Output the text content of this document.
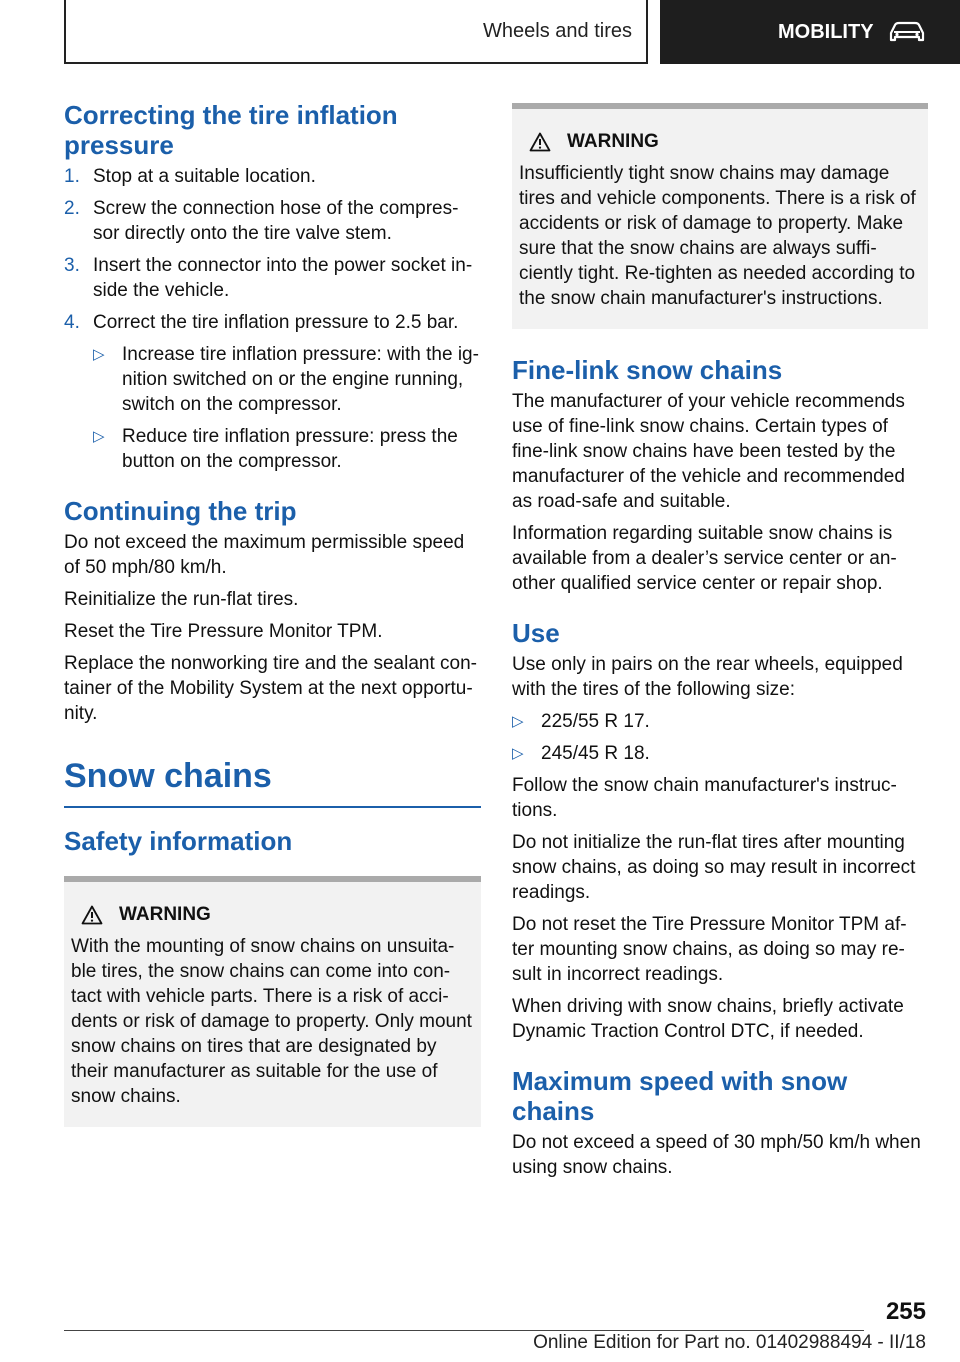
Wheels and tires	MOBILITY
Correcting the tire inflation pressure
1. Stop at a suitable location.
2. Screw the connection hose of the compres‐sor directly onto the tire valve stem.
3. Insert the connector into the power socket in‐side the vehicle.
4. Correct the tire inflation pressure to 2.5 bar.
▷ Increase tire inflation pressure: with the ig‐nition switched on or the engine running, switch on the compressor.
▷ Reduce tire inflation pressure: press the button on the compressor.
Continuing the trip

Do not exceed the maximum permissible speed of 50 mph/80 km/h.

Reinitialize the run-flat tires.

Reset the Tire Pressure Monitor TPM.

Replace the nonworking tire and the sealant con‐tainer of the Mobility System at the next opportu‐nity.

Snow chains
Safety information
WARNING

With the mounting of snow chains on unsuita‐ble tires, the snow chains can come into con‐tact with vehicle parts. There is a risk of acci‐dents or risk of damage to property. Only mount snow chains on tires that are designated by their manufacturer as suitable for the use of snow chains.

WARNING

Insufficiently tight snow chains may damage tires and vehicle components. There is a risk of accidents or risk of damage to property. Make sure that the snow chains are always suffi‐ciently tight. Re-tighten as needed according to the snow chain manufacturer's instructions.

Fine-link snow chains

The manufacturer of your vehicle recommends use of fine-link snow chains. Certain types of fine-link snow chains have been tested by the manufacturer of the vehicle and recommended as road-safe and suitable.

Information regarding suitable snow chains is available from a dealer’s service center or an‐other qualified service center or repair shop.

Use

Use only in pairs on the rear wheels, equipped with the tires of the following size:

▷ 225/55 R 17.
▷ 245/45 R 18.

Follow the snow chain manufacturer's instruc‐tions.

Do not initialize the run-flat tires after mounting snow chains, as doing so may result in incorrect readings.

Do not reset the Tire Pressure Monitor TPM af‐ter mounting snow chains, as doing so may re‐sult in incorrect readings.

When driving with snow chains, briefly activate Dynamic Traction Control DTC, if needed.

Maximum speed with snow chains

Do not exceed a speed of 30 mph/50 km/h when using snow chains.

255
Online Edition for Part no. 01402988494 - II/18
